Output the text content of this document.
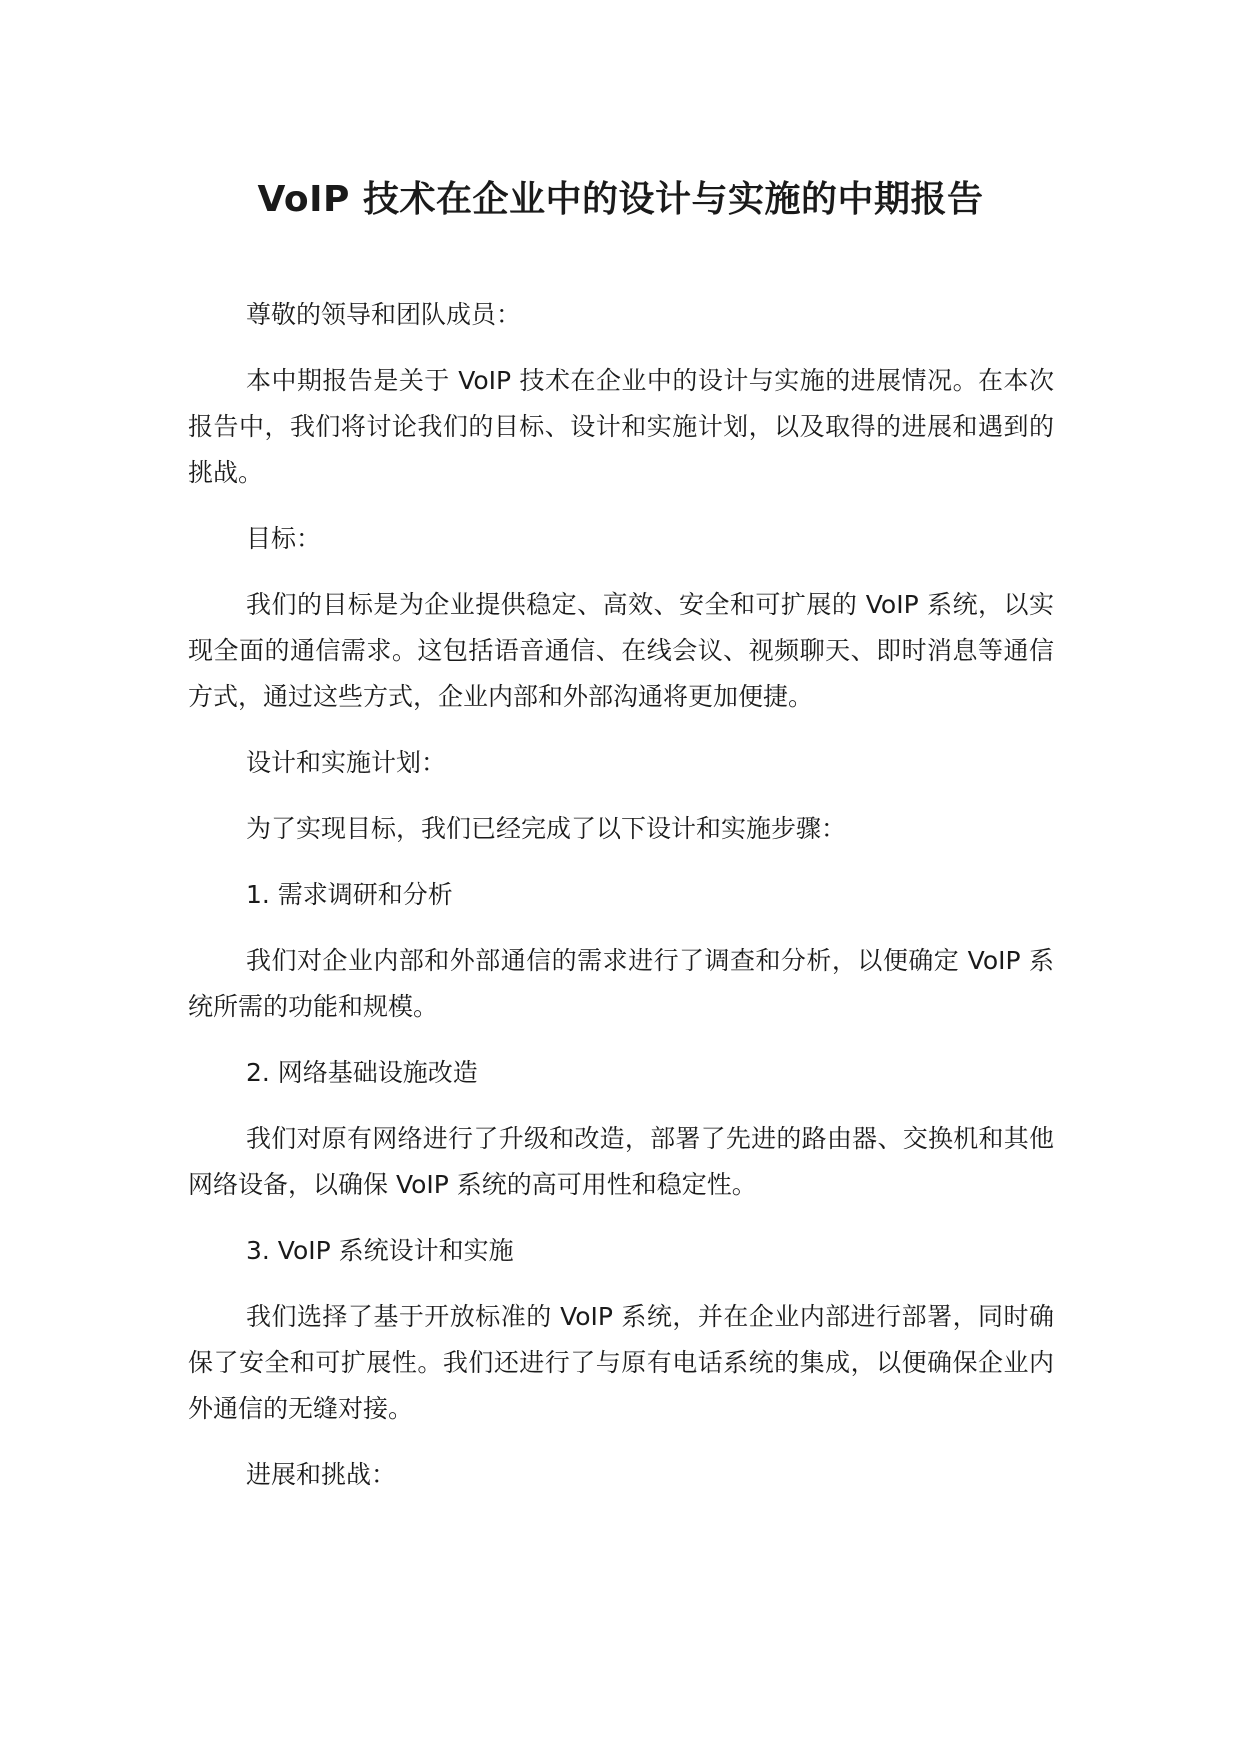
VoIP 技术在企业中的设计与实施的中期报告

尊敬的领导和团队成员：

本中期报告是关于 VoIP 技术在企业中的设计与实施的进展情况。在本次报告中，我们将讨论我们的目标、设计和实施计划，以及取得的进展和遇到的挑战。

目标：

我们的目标是为企业提供稳定、高效、安全和可扩展的 VoIP 系统，以实现全面的通信需求。这包括语音通信、在线会议、视频聊天、即时消息等通信方式，通过这些方式，企业内部和外部沟通将更加便捷。

设计和实施计划：

为了实现目标，我们已经完成了以下设计和实施步骤：

1. 需求调研和分析

我们对企业内部和外部通信的需求进行了调查和分析，以便确定 VoIP 系统所需的功能和规模。

2. 网络基础设施改造

我们对原有网络进行了升级和改造，部署了先进的路由器、交换机和其他网络设备，以确保 VoIP 系统的高可用性和稳定性。

3. VoIP 系统设计和实施

我们选择了基于开放标准的 VoIP 系统，并在企业内部进行部署，同时确保了安全和可扩展性。我们还进行了与原有电话系统的集成，以便确保企业内外通信的无缝对接。

进展和挑战：
